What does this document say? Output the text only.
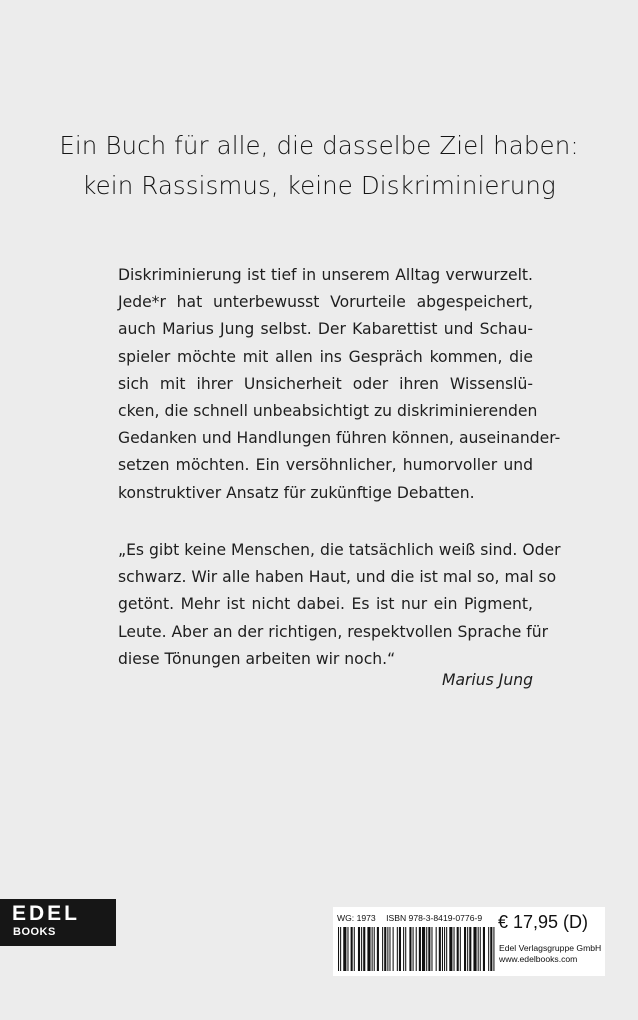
Ein Buch für alle, die dasselbe Ziel haben:
kein Rassismus, keine Diskriminierung
Diskriminierung ist tief in unserem Alltag verwurzelt.
Jede*r hat unterbewusst Vorurteile abgespeichert,
auch Marius Jung selbst. Der Kabarettist und Schau-
spieler möchte mit allen ins Gespräch kommen, die
sich mit ihrer Unsicherheit oder ihren Wissenslü-
cken, die schnell unbeabsichtigt zu diskriminierenden
Gedanken und Handlungen führen können, auseinander-
setzen möchten. Ein versöhnlicher, humorvoller und
konstruktiver Ansatz für zukünftige Debatten.
„Es gibt keine Menschen, die tatsächlich weiß sind. Oder
schwarz. Wir alle haben Haut, und die ist mal so, mal so
getönt. Mehr ist nicht dabei. Es ist nur ein Pigment,
Leute. Aber an der richtigen, respektvollen Sprache für
diese Tönungen arbeiten wir noch.“
Marius Jung
EDEL
BOOKS
WG: 1973 ISBN 978-3-8419-0776-9 € 17,95 (D)
Edel Verlagsgruppe GmbH
www.edelbooks.com
